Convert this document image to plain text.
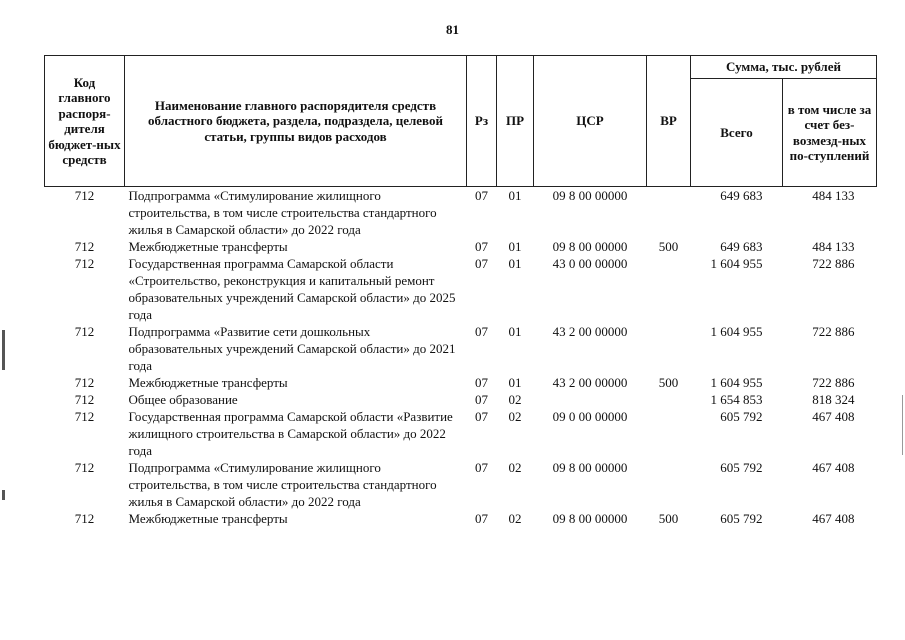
81
Код главного распоря-дителя бюджет-ных средств	Наименование главного распорядителя средств областного бюджета, раздела, подраздела, целевой статьи, группы видов расходов	Рз	ПР	ЦСР	ВР	Сумма, тыс. рублей	
						Всего	в том числе за счет без-возмезд-ных по-ступлений
712	Подпрограмма «Стимулирование жилищного строительства, в том числе строительства стандартного жилья в Самарской области» до 2022 года	07	01	09 8 00 00000		649 683	484 133
712	Межбюджетные трансферты	07	01	09 8 00 00000	500	649 683	484 133
712	Государственная программа Самарской области «Строительство, реконструкция и капитальный ремонт образовательных учреждений Самарской области» до 2025 года	07	01	43 0 00 00000		1 604 955	722 886
712	Подпрограмма «Развитие сети дошкольных образовательных учреждений Самарской области» до 2021 года	07	01	43 2 00 00000		1 604 955	722 886
712	Межбюджетные трансферты	07	01	43 2 00 00000	500	1 604 955	722 886
712	Общее образование	07	02			1 654 853	818 324
712	Государственная программа Самарской области «Развитие жилищного строительства в Самарской области» до 2022 года	07	02	09 0 00 00000		605 792	467 408
712	Подпрограмма «Стимулирование жилищного строительства, в том числе строительства стандартного жилья в Самарской области» до 2022 года	07	02	09 8 00 00000		605 792	467 408
712	Межбюджетные трансферты	07	02	09 8 00 00000	500	605 792	467 408
